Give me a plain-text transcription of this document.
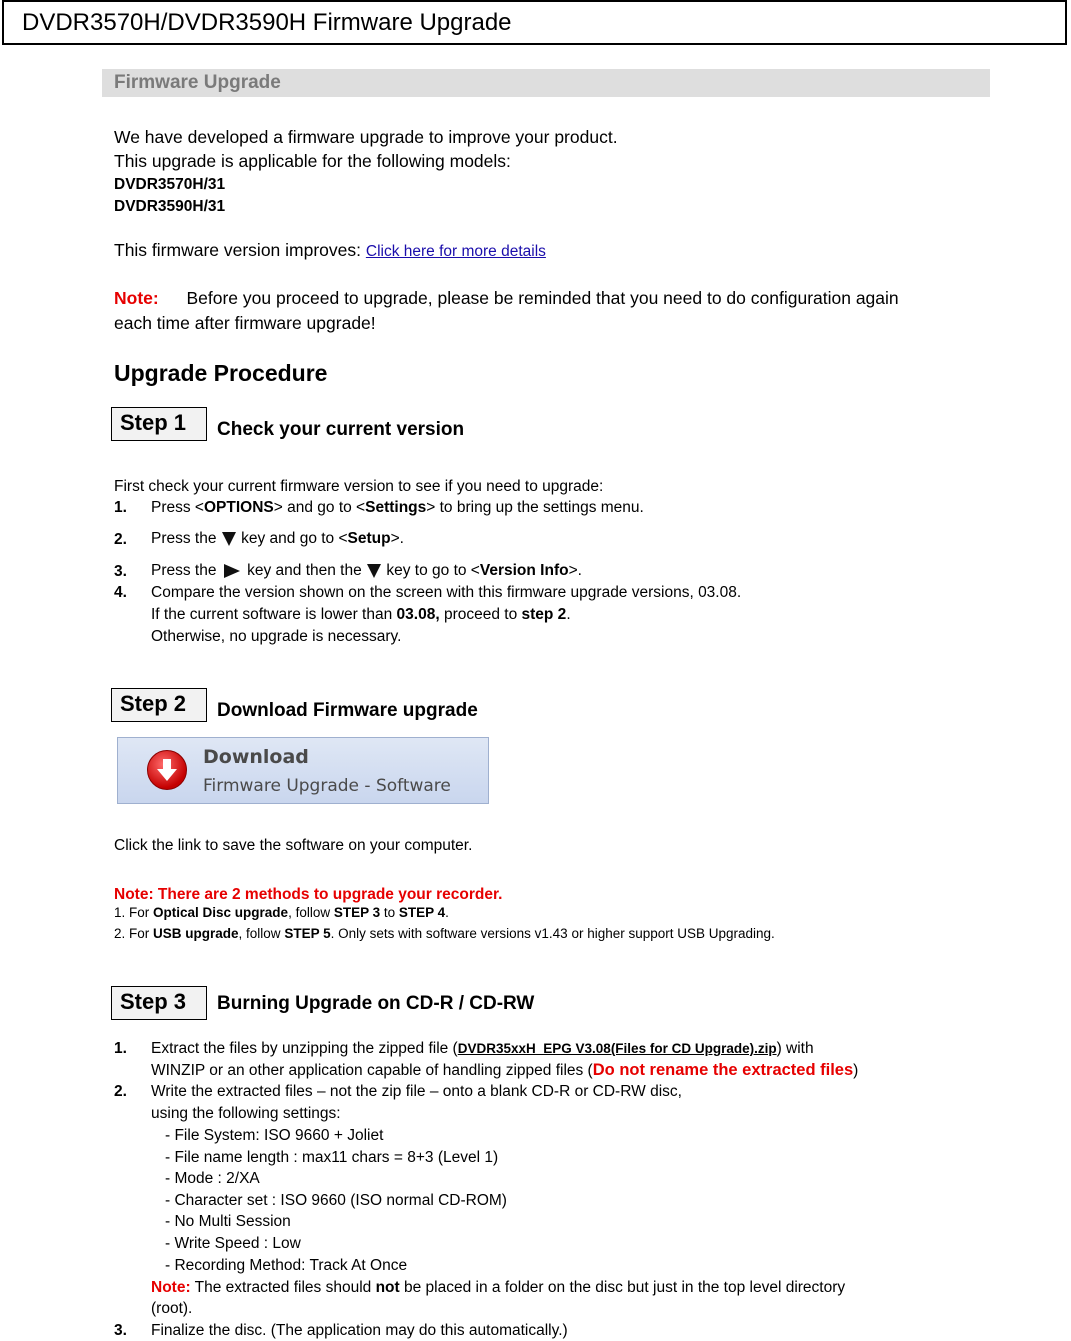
DVDR3570H/DVDR3590H Firmware Upgrade
Firmware Upgrade
We have developed a firmware upgrade to improve your product.
This upgrade is applicable for the following models:
DVDR3570H/31
DVDR3590H/31
This firmware version improves: Click here for more details
Note: Before you proceed to upgrade, please be reminded that you need to do configuration again
each time after firmware upgrade!
Upgrade Procedure
Step 1 Check your current version
First check your current firmware version to see if you need to upgrade:
1. Press <OPTIONS> and go to <Settings> to bring up the settings menu.
2. Press the key and go to <Setup>.
3. Press the key and then the key to go to <Version Info>.
4. Compare the version shown on the screen with this firmware upgrade versions, 03.08.
If the current software is lower than 03.08, proceed to step 2.
Otherwise, no upgrade is necessary.
Step 2 Download Firmware upgrade
Download
Firmware Upgrade - Software
Click the link to save the software on your computer.
Note: There are 2 methods to upgrade your recorder.
1. For Optical Disc upgrade, follow STEP 3 to STEP 4.
2. For USB upgrade, follow STEP 5. Only sets with software versions v1.43 or higher support USB Upgrading.
Step 3 Burning Upgrade on CD-R / CD-RW
1. Extract the files by unzipping the zipped file (DVDR35xxH_EPG V3.08(Files for CD Upgrade).zip) with
WINZIP or an other application capable of handling zipped files (Do not rename the extracted files)
2. Write the extracted files – not the zip file – onto a blank CD-R or CD-RW disc,
using the following settings:
- File System: ISO 9660 + Joliet
- File name length : max11 chars = 8+3 (Level 1)
- Mode : 2/XA
- Character set : ISO 9660 (ISO normal CD-ROM)
- No Multi Session
- Write Speed : Low
- Recording Method: Track At Once
Note: The extracted files should not be placed in a folder on the disc but just in the top level directory
(root).
3. Finalize the disc. (The application may do this automatically.)
